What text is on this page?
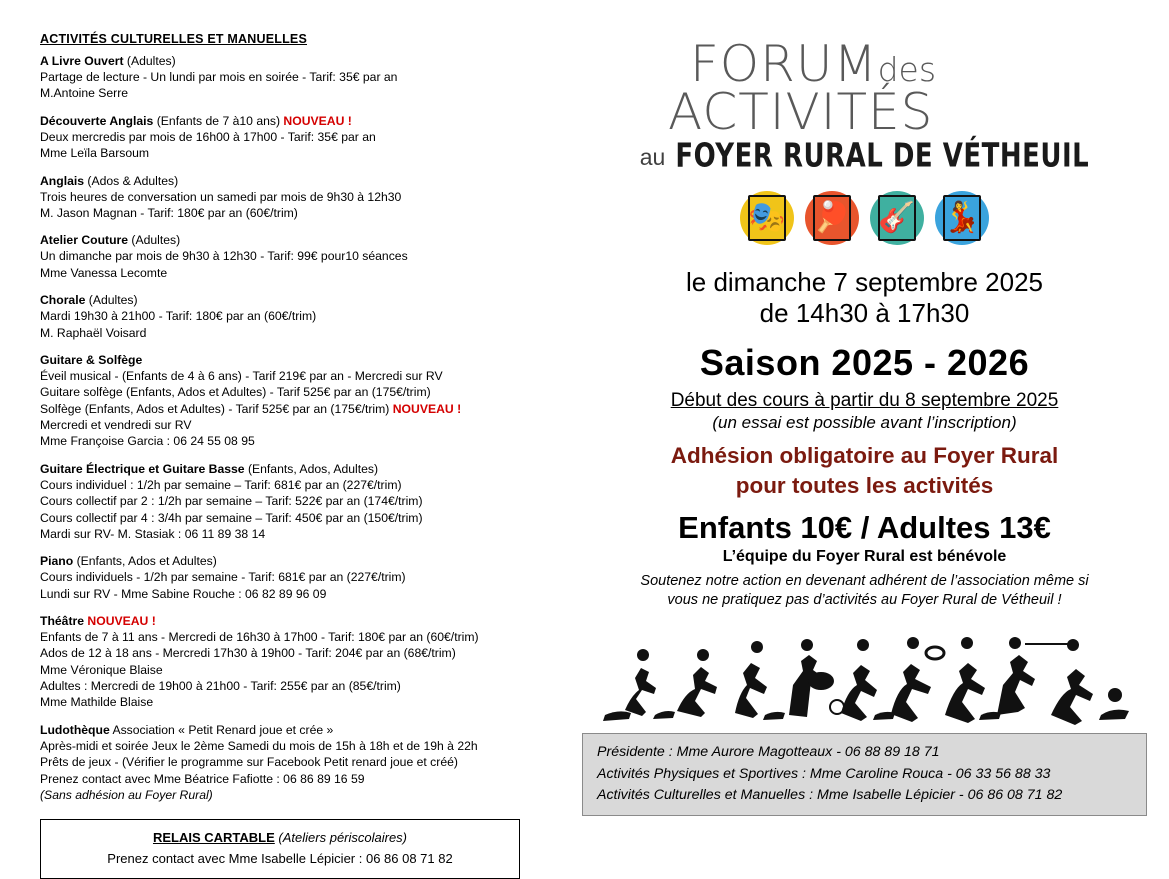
ACTIVITÉS CULTURELLES ET MANUELLES
A Livre Ouvert (Adultes)
Partage de lecture - Un lundi par mois en soirée - Tarif: 35€ par an
M.Antoine Serre
Découverte Anglais (Enfants de 7 à10 ans) NOUVEAU !
Deux mercredis par mois de 16h00 à 17h00 - Tarif: 35€ par an
Mme Leïla Barsoum
Anglais (Ados & Adultes)
Trois heures de conversation un samedi par mois de 9h30 à 12h30
M. Jason Magnan - Tarif: 180€ par an (60€/trim)
Atelier Couture (Adultes)
Un dimanche par mois de 9h30 à 12h30 - Tarif: 99€ pour10 séances
Mme Vanessa Lecomte
Chorale (Adultes)
Mardi 19h30 à 21h00 - Tarif: 180€ par an (60€/trim)
M. Raphaël Voisard
Guitare & Solfège
Éveil musical - (Enfants de 4 à 6 ans) - Tarif 219€ par an - Mercredi sur RV
Guitare solfège (Enfants, Ados et Adultes) - Tarif 525€ par an (175€/trim)
Solfège (Enfants, Ados et Adultes) - Tarif 525€ par an (175€/trim) NOUVEAU !
Mercredi et vendredi sur RV
Mme Françoise Garcia : 06 24 55 08 95
Guitare Électrique et Guitare Basse (Enfants, Ados, Adultes)
Cours individuel : 1/2h par semaine – Tarif: 681€ par an (227€/trim)
Cours collectif par 2 : 1/2h par semaine – Tarif: 522€ par an (174€/trim)
Cours collectif par 4 : 3/4h par semaine – Tarif: 450€ par an (150€/trim)
Mardi sur RV- M. Stasiak : 06 11 89 38 14
Piano (Enfants, Ados et Adultes)
Cours individuels - 1/2h par semaine - Tarif: 681€ par an (227€/trim)
Lundi sur RV - Mme Sabine Rouche : 06 82 89 96 09
Théâtre NOUVEAU !
Enfants de 7 à 11 ans - Mercredi de 16h30 à 17h00 - Tarif: 180€ par an (60€/trim)
Ados de 12 à 18 ans - Mercredi 17h30 à 19h00 - Tarif: 204€ par an (68€/trim)
Mme Véronique Blaise
Adultes : Mercredi de 19h00 à 21h00 - Tarif: 255€ par an (85€/trim)
Mme Mathilde Blaise
Ludothèque Association « Petit Renard joue et crée »
Après-midi et soirée Jeux le 2ème Samedi du mois de 15h à 18h et de 19h à 22h
Prêts de jeux - (Vérifier le programme sur Facebook Petit renard joue et créé)
Prenez contact avec Mme Béatrice Fafiotte : 06 86 89 16 59
(Sans adhésion au Foyer Rural)
RELAIS CARTABLE (Ateliers périscolaires)
Prenez contact avec Mme Isabelle Lépicier : 06 86 08 71 82
FORUMdes
ACTIVITÉS
au FOYER RURAL DE VÉTHEUIL
🎭 🏓 🎸 💃
le dimanche 7 septembre 2025
de 14h30 à 17h30
Saison 2025 - 2026
Début des cours à partir du 8 septembre 2025
(un essai est possible avant l’inscription)
Adhésion obligatoire au Foyer Rural
pour toutes les activités
Enfants 10€ / Adultes 13€
L’équipe du Foyer Rural est bénévole
Soutenez notre action en devenant adhérent de l’association même si
vous ne pratiquez pas d’activités au Foyer Rural de Vétheuil !
Présidente : Mme Aurore Magotteaux - 06 88 89 18 71
Activités Physiques et Sportives : Mme Caroline Rouca - 06 33 56 88 33
Activités Culturelles et Manuelles : Mme Isabelle Lépicier - 06 86 08 71 82
